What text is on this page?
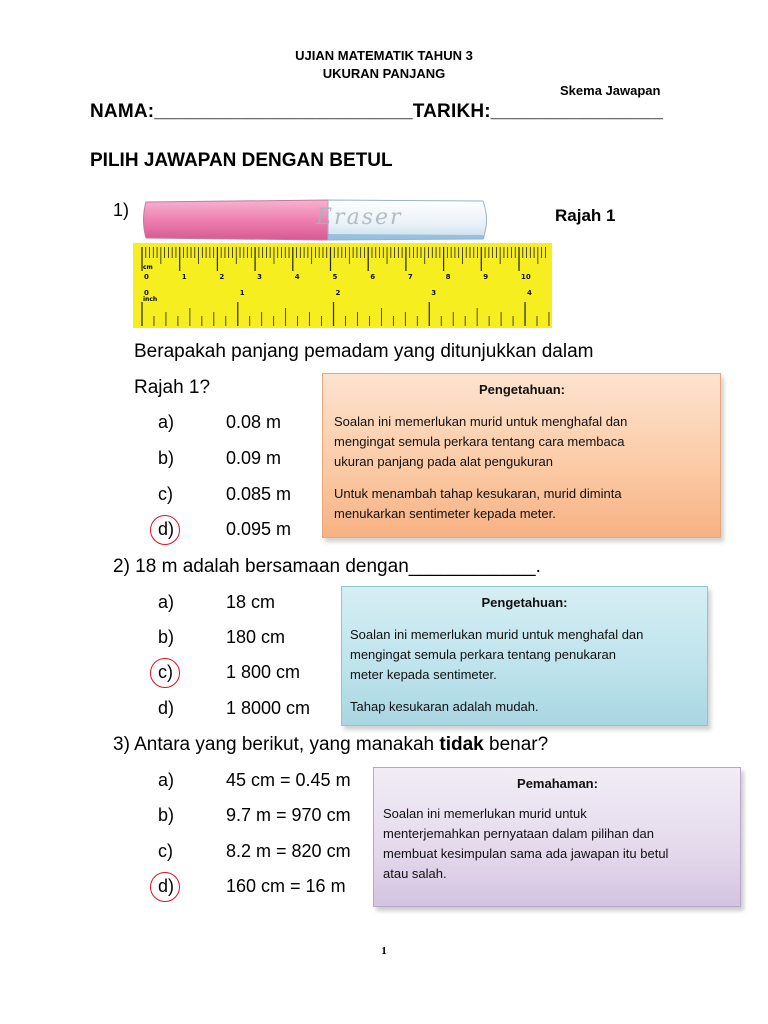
UJIAN MATEMATIK TAHUN 3
UKURAN PANJANG
Skema Jawapan
NAMA:________________________TARIKH:________________
PILIH JAWAPAN DENGAN BETUL
1)	Eraser
cm
inch
0	1	2	3	4	5	6	7	8	9	10
0	1	2	3	4
Rajah 1
Berapakah panjang pemadam yang ditunjukkan dalam
Rajah 1?
a)	0.08 m
b)	0.09 m
c)	0.085 m
d)	0.095 m
Pengetahuan:
Soalan ini memerlukan murid untuk menghafal dan
mengingat semula perkara tentang cara membaca
ukuran panjang pada alat pengukuran
Untuk menambah tahap kesukaran, murid diminta
menukarkan sentimeter kepada meter.
2) 18 m adalah bersamaan dengan____________.
a)	18 cm
b)	180 cm
c)	1 800 cm
d)	1 8000 cm
Pengetahuan:
Soalan ini memerlukan murid untuk menghafal dan
mengingat semula perkara tentang penukaran
meter kepada sentimeter.
Tahap kesukaran adalah mudah.
3) Antara yang berikut, yang manakah tidak benar?
a)	45 cm = 0.45 m
b)	9.7 m = 970 cm
c)	8.2 m = 820 cm
d)	160 cm = 16 m
Pemahaman:
Soalan ini memerlukan murid untuk
menterjemahkan pernyataan dalam pilihan dan
membuat kesimpulan sama ada jawapan itu betul
atau salah.
1
